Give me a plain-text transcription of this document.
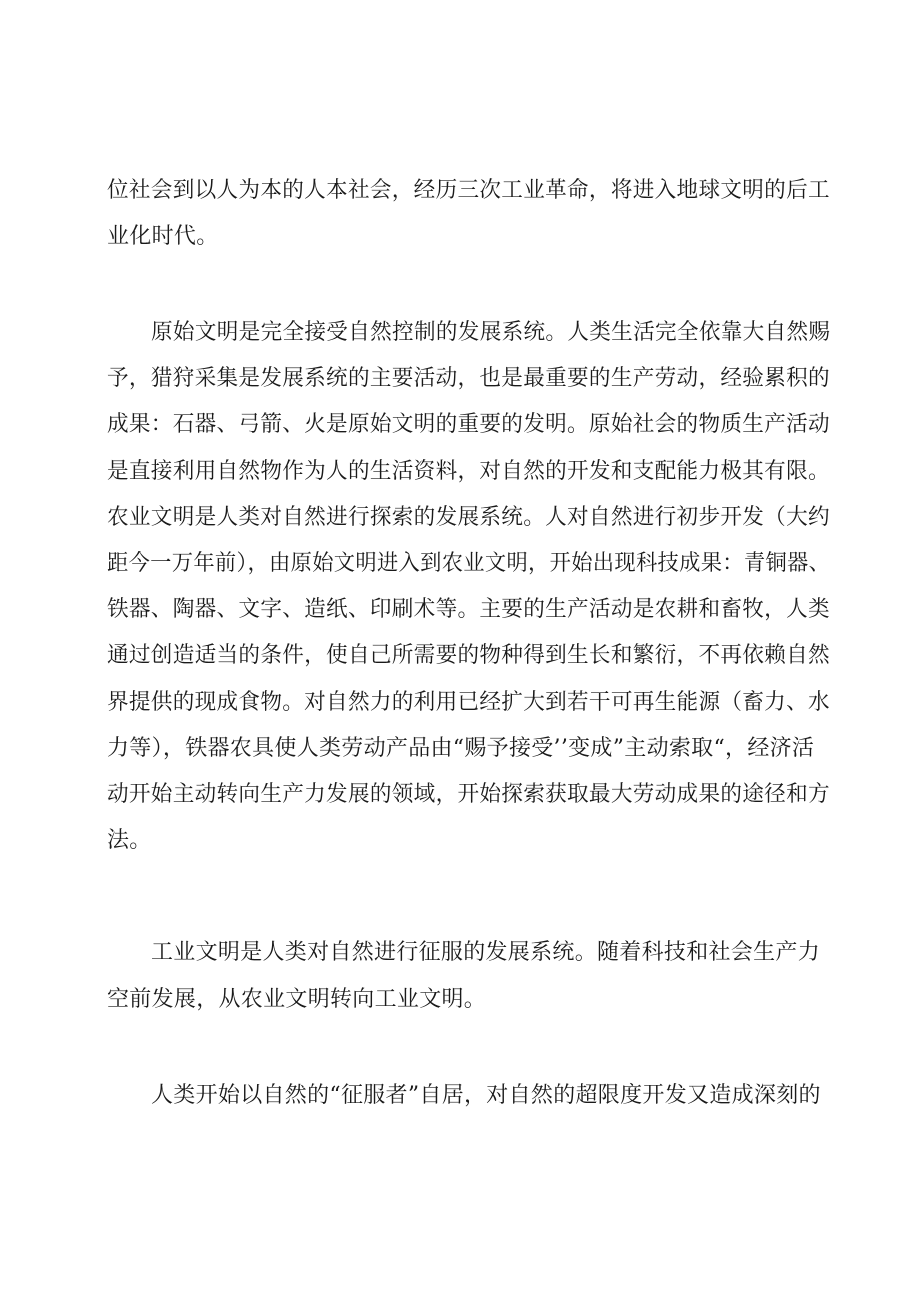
位社会到以人为本的人本社会，经历三次工业革命，将进入地球文明的后工
业化时代。
原始文明是完全接受自然控制的发展系统。人类生活完全依靠大自然赐
予，猎狩采集是发展系统的主要活动，也是最重要的生产劳动，经验累积的
成果：石器、弓箭、火是原始文明的重要的发明。原始社会的物质生产活动
是直接利用自然物作为人的生活资料，对自然的开发和支配能力极其有限。
农业文明是人类对自然进行探索的发展系统。人对自然进行初步开发（大约
距今一万年前），由原始文明进入到农业文明，开始出现科技成果：青铜器、
铁器、陶器、文字、造纸、印刷术等。主要的生产活动是农耕和畜牧，人类
通过创造适当的条件，使自己所需要的物种得到生长和繁衍，不再依赖自然
界提供的现成食物。对自然力的利用已经扩大到若干可再生能源（畜力、水
力等），铁器农具使人类劳动产品由“赐予接受’’变成”主动索取“，经济活
动开始主动转向生产力发展的领域，开始探索获取最大劳动成果的途径和方
法。
工业文明是人类对自然进行征服的发展系统。随着科技和社会生产力
空前发展，从农业文明转向工业文明。
人类开始以自然的“征服者”自居，对自然的超限度开发又造成深刻的
